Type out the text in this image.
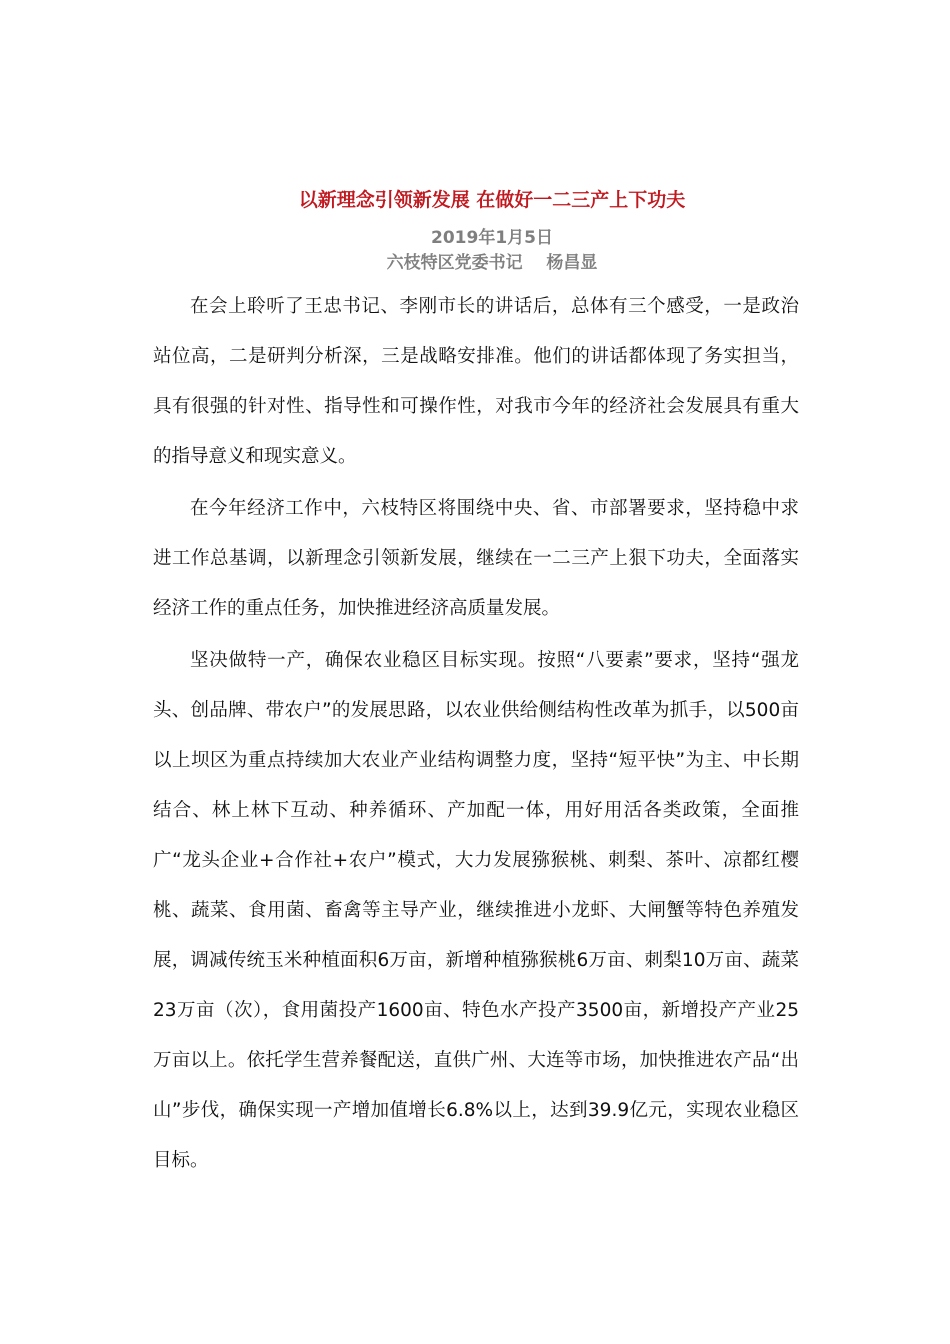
以新理念引领新发展 在做好一二三产上下功夫
2019年1月5日
六枝特区党委书记    杨昌显

在会上聆听了王忠书记、李刚市长的讲话后，总体有三个感受，一是政治站位高，二是研判分析深，三是战略安排准。他们的讲话都体现了务实担当，具有很强的针对性、指导性和可操作性，对我市今年的经济社会发展具有重大的指导意义和现实意义。

在今年经济工作中，六枝特区将围绕中央、省、市部署要求，坚持稳中求进工作总基调，以新理念引领新发展，继续在一二三产上狠下功夫，全面落实经济工作的重点任务，加快推进经济高质量发展。

坚决做特一产，确保农业稳区目标实现。按照“八要素”要求，坚持“强龙头、创品牌、带农户”的发展思路，以农业供给侧结构性改革为抓手，以500亩以上坝区为重点持续加大农业产业结构调整力度，坚持“短平快”为主、中长期结合、林上林下互动、种养循环、产加配一体，用好用活各类政策，全面推广“龙头企业+合作社+农户”模式，大力发展猕猴桃、刺梨、茶叶、凉都红樱桃、蔬菜、食用菌、畜禽等主导产业，继续推进小龙虾、大闸蟹等特色养殖发展，调减传统玉米种植面积6万亩，新增种植猕猴桃6万亩、刺梨10万亩、蔬菜23万亩（次），食用菌投产1600亩、特色水产投产3500亩，新增投产产业25万亩以上。依托学生营养餐配送，直供广州、大连等市场，加快推进农产品“出山”步伐，确保实现一产增加值增长6.8%以上，达到39.9亿元，实现农业稳区目标。
